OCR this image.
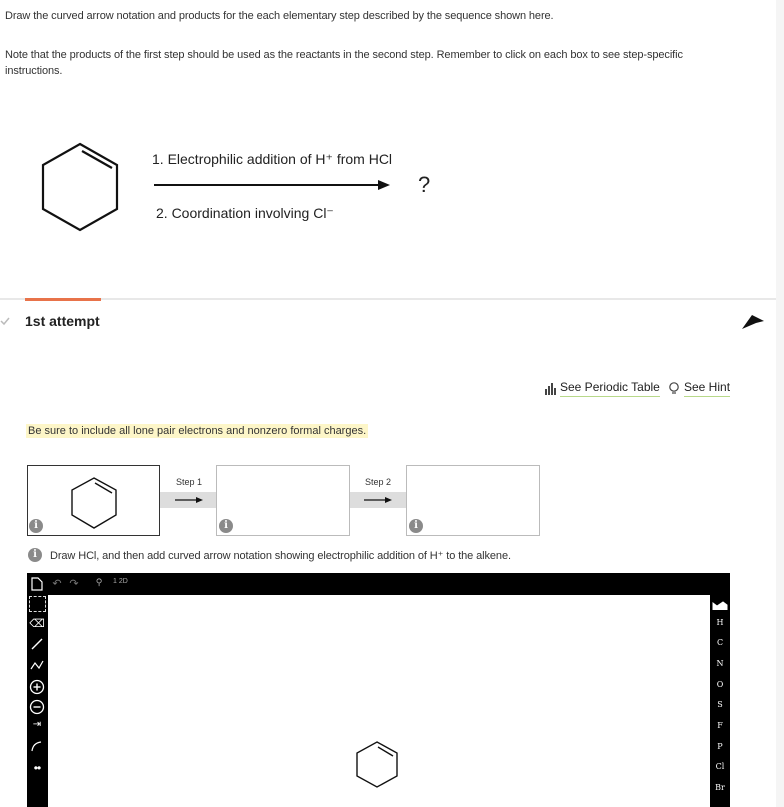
Draw the curved arrow notation and products for the each elementary step described by the sequence shown here.
Note that the products of the first step should be used as the reactants in the second step. Remember to click on each box to see step-specific
instructions.
1. Electrophilic addition of H⁺ from HCl
?
2. Coordination involving Cl⁻
1st attempt
See Periodic Table See Hint
Be sure to include all lone pair electrons and nonzero formal charges.
Step 1	Step 2
i	i	i
i	Draw HCl, and then add curved arrow notation showing electrophilic addition of H⁺ to the alkene.
↶ ↷	⚲	1 2D
⌫
⇥
••
H
C
N
O
S
F
P
Cl
Br
